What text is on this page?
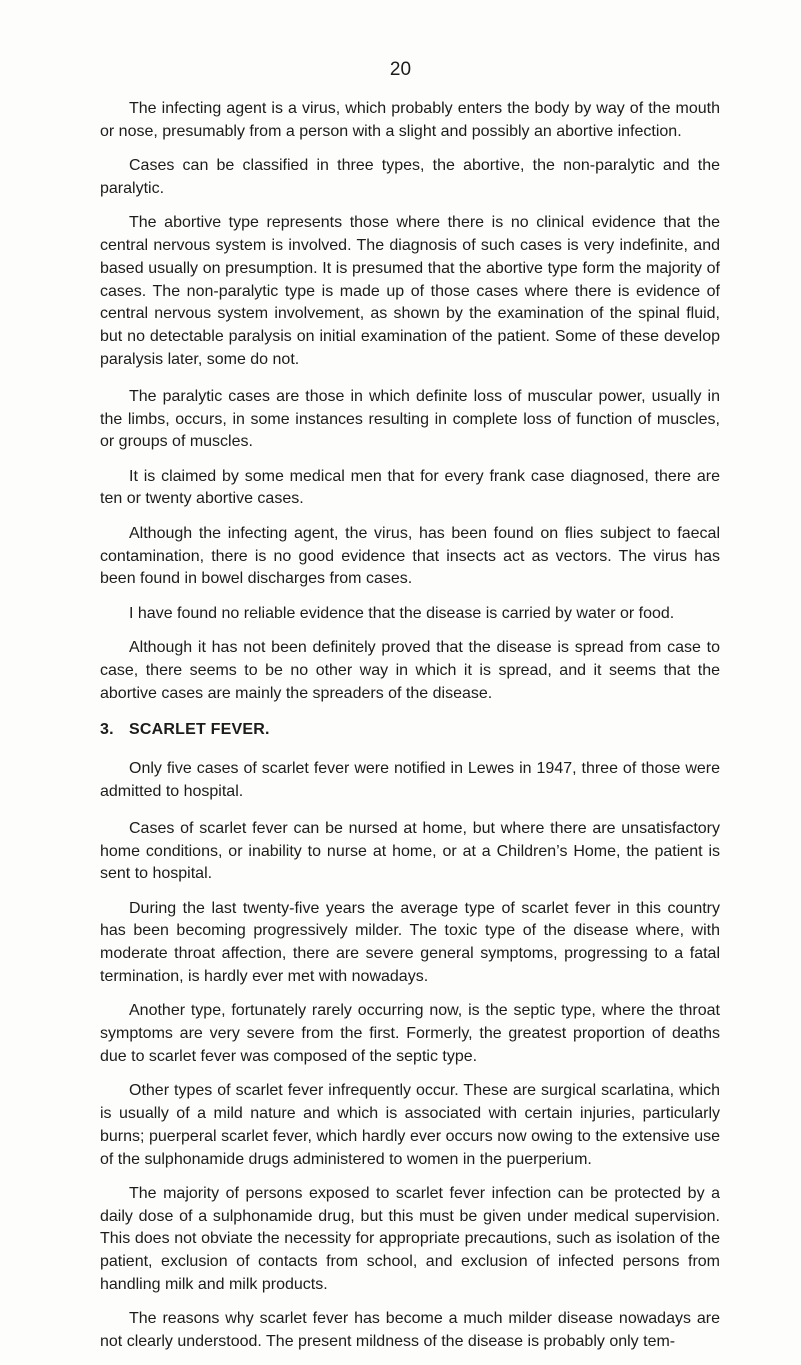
20

The infecting agent is a virus, which probably enters the body by way of the mouth or nose, presumably from a person with a slight and possibly an abortive infection.

Cases can be classified in three types, the abortive, the non-paralytic and the paralytic.

The abortive type represents those where there is no clinical evidence that the central nervous system is involved. The diagnosis of such cases is very indefinite, and based usually on presumption. It is presumed that the abortive type form the majority of cases. The non-paralytic type is made up of those cases where there is evidence of central nervous system involvement, as shown by the examination of the spinal fluid, but no detectable paralysis on initial examination of the patient. Some of these develop paralysis later, some do not.

The paralytic cases are those in which definite loss of muscular power, usually in the limbs, occurs, in some instances resulting in complete loss of function of muscles, or groups of muscles.

It is claimed by some medical men that for every frank case diagnosed, there are ten or twenty abortive cases.

Although the infecting agent, the virus, has been found on flies subject to faecal contamination, there is no good evidence that insects act as vectors. The virus has been found in bowel discharges from cases.

I have found no reliable evidence that the disease is carried by water or food.

Although it has not been definitely proved that the disease is spread from case to case, there seems to be no other way in which it is spread, and it seems that the abortive cases are mainly the spreaders of the disease.

3. SCARLET FEVER.

Only five cases of scarlet fever were notified in Lewes in 1947, three of those were admitted to hospital.

Cases of scarlet fever can be nursed at home, but where there are unsatisfactory home conditions, or inability to nurse at home, or at a Children’s Home, the patient is sent to hospital.

During the last twenty-five years the average type of scarlet fever in this country has been becoming progressively milder. The toxic type of the disease where, with moderate throat affection, there are severe general symptoms, progressing to a fatal termination, is hardly ever met with nowadays.

Another type, fortunately rarely occurring now, is the septic type, where the throat symptoms are very severe from the first. Formerly, the greatest proportion of deaths due to scarlet fever was composed of the septic type.

Other types of scarlet fever infrequently occur. These are surgical scarlatina, which is usually of a mild nature and which is associated with certain injuries, particularly burns; puerperal scarlet fever, which hardly ever occurs now owing to the extensive use of the sulphonamide drugs administered to women in the puerperium.

The majority of persons exposed to scarlet fever infection can be protected by a daily dose of a sulphonamide drug, but this must be given under medical supervision. This does not obviate the necessity for appropriate precautions, such as isolation of the patient, exclusion of contacts from school, and exclusion of infected persons from handling milk and milk products.

The reasons why scarlet fever has become a much milder disease nowadays are not clearly understood. The present mildness of the disease is probably only tem-
